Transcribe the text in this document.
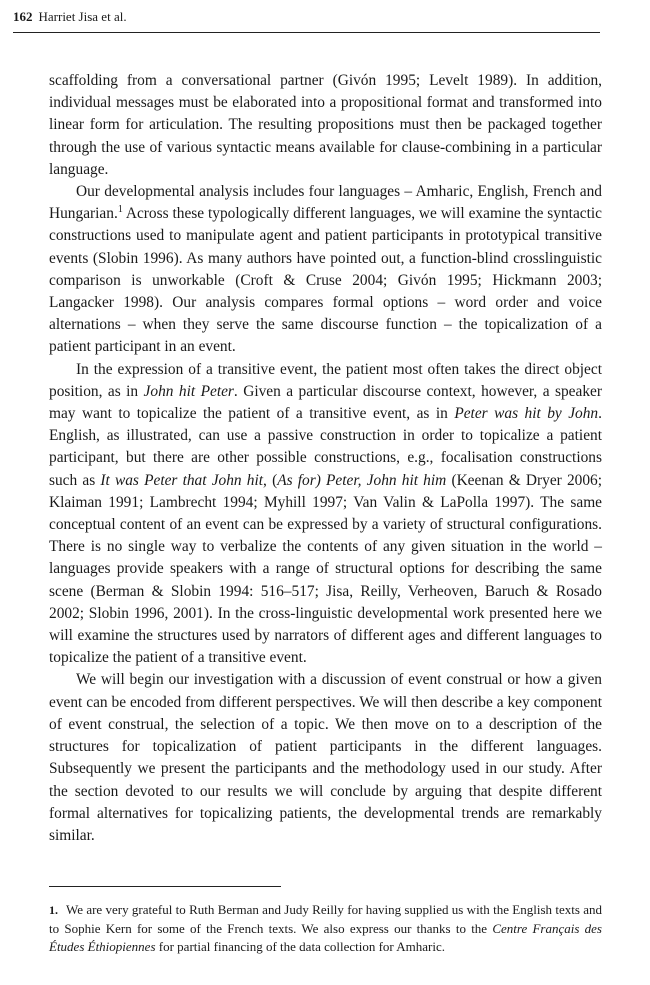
162 Harriet Jisa et al.

scaffolding from a conversational partner (Givón 1995; Levelt 1989). In addition, individual messages must be elaborated into a propositional format and transformed into linear form for articulation. The resulting propositions must then be packaged together through the use of various syntactic means available for clause-combining in a particular language.

Our developmental analysis includes four languages – Amharic, English, French and Hungarian.$^1$ Across these typologically different languages, we will examine the syntactic constructions used to manipulate agent and patient participants in prototypical transitive events (Slobin 1996). As many authors have pointed out, a function-blind crosslinguistic comparison is unworkable (Croft & Cruse 2004; Givón 1995; Hickmann 2003; Langacker 1998). Our analysis compares formal options – word order and voice alternations – when they serve the same discourse function – the topicalization of a patient participant in an event.

In the expression of a transitive event, the patient most often takes the direct object position, as in John hit Peter. Given a particular discourse context, however, a speaker may want to topicalize the patient of a transitive event, as in Peter was hit by John. English, as illustrated, can use a passive construction in order to topicalize a patient participant, but there are other possible constructions, e.g., focalisation constructions such as It was Peter that John hit, (As for) Peter, John hit him (Keenan & Dryer 2006; Klaiman 1991; Lambrecht 1994; Myhill 1997; Van Valin & LaPolla 1997). The same conceptual content of an event can be expressed by a variety of structural configurations. There is no single way to verbalize the contents of any given situation in the world – languages provide speakers with a range of structural options for describing the same scene (Berman & Slobin 1994: 516–517; Jisa, Reilly, Verheoven, Baruch & Rosado 2002; Slobin 1996, 2001). In the cross-linguistic developmental work presented here we will examine the structures used by narrators of different ages and different languages to topicalize the patient of a transitive event.

We will begin our investigation with a discussion of event construal or how a given event can be encoded from different perspectives. We will then describe a key component of event construal, the selection of a topic. We then move on to a description of the structures for topicalization of patient participants in the different languages. Subsequently we present the participants and the methodology used in our study. After the section devoted to our results we will conclude by arguing that despite different formal alternatives for topicalizing patients, the developmental trends are remarkably similar.

1. We are very grateful to Ruth Berman and Judy Reilly for having supplied us with the English texts and to Sophie Kern for some of the French texts. We also express our thanks to the Centre Français des Études Éthiopiennes for partial financing of the data collection for Amharic.
